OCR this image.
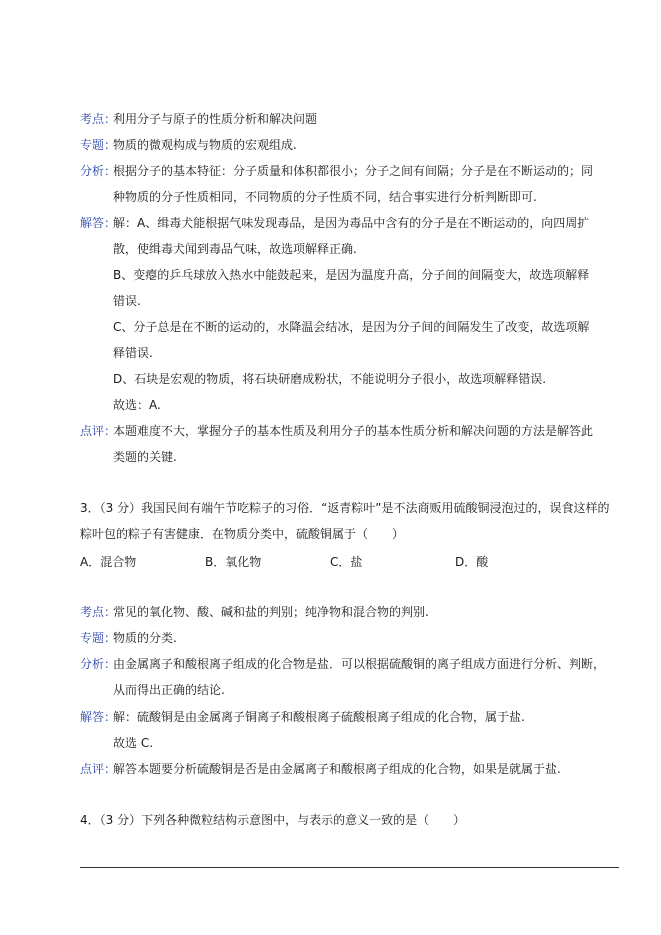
考点：
利用分子与原子的性质分析和解决问题
专题：
物质的微观构成与物质的宏观组成.
分析：
根据分子的基本特征：分子质量和体积都很小；分子之间有间隔；分子是在不断运动的；同
种物质的分子性质相同，不同物质的分子性质不同，结合事实进行分析判断即可.
解答：
解：A、缉毒犬能根据气味发现毒品，是因为毒品中含有的分子是在不断运动的，向四周扩
散，使缉毒犬闻到毒品气味，故选项解释正确.
B、变瘪的乒乓球放入热水中能鼓起来，是因为温度升高，分子间的间隔变大，故选项解释
错误.
C、分子总是在不断的运动的，水降温会结冰，是因为分子间的间隔发生了改变，故选项解
释错误.
D、石块是宏观的物质，将石块研磨成粉状，不能说明分子很小，故选项解释错误.
故选：A.
点评：
本题难度不大，掌握分子的基本性质及利用分子的基本性质分析和解决问题的方法是解答此
类题的关键.
3．（3 分）我国民间有端午节吃粽子的习俗．“返青粽叶”是不法商贩用硫酸铜浸泡过的，误食这样的
粽叶包的粽子有害健康．在物质分类中，硫酸铜属于（　　）
A．混合物	B．氧化物	C．盐	D．酸
考点：
常见的氧化物、酸、碱和盐的判别；纯净物和混合物的判别.
专题：
物质的分类.
分析：
由金属离子和酸根离子组成的化合物是盐．可以根据硫酸铜的离子组成方面进行分析、判断，
从而得出正确的结论.
解答：
解：硫酸铜是由金属离子铜离子和酸根离子硫酸根离子组成的化合物，属于盐.
故选 C.
点评：
解答本题要分析硫酸铜是否是由金属离子和酸根离子组成的化合物，如果是就属于盐.
4．（3 分）下列各种微粒结构示意图中，与表示的意义一致的是（　　）
